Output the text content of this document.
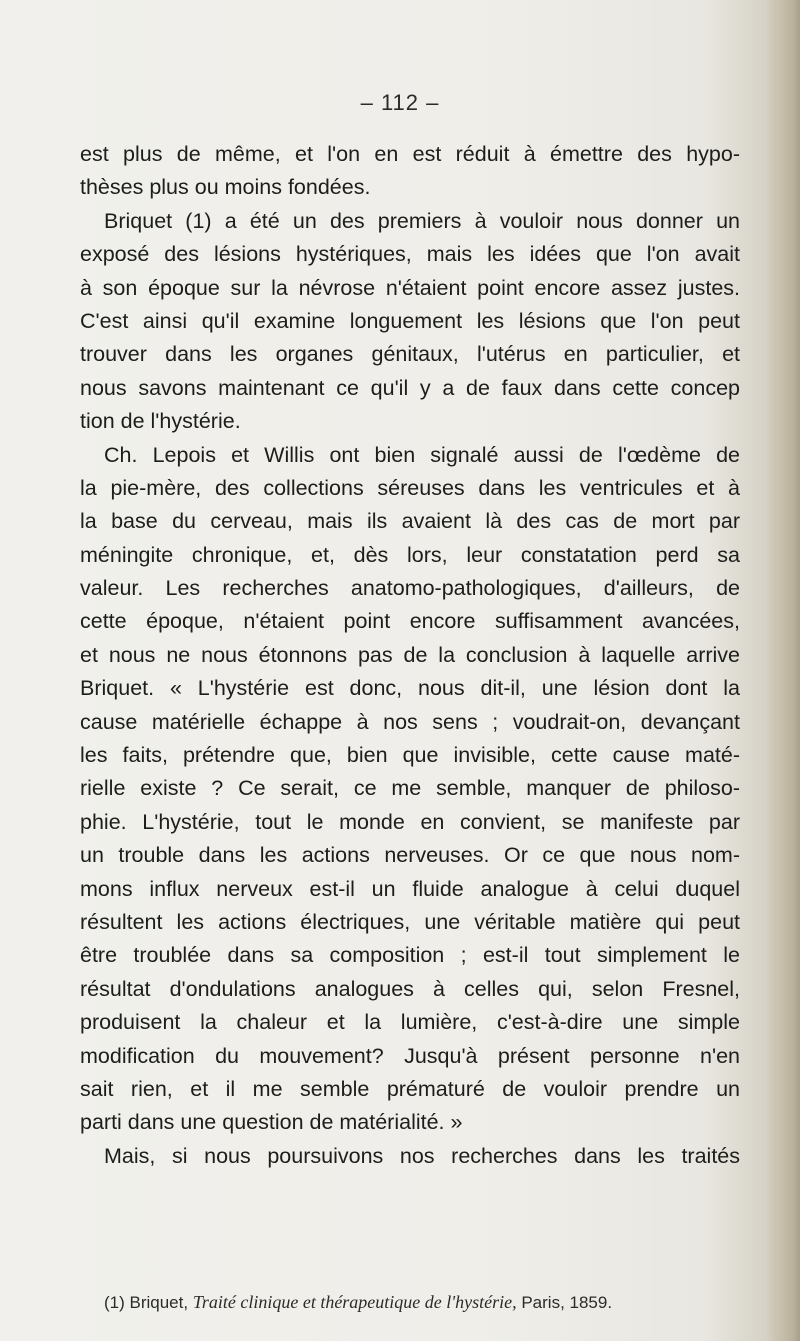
– 112 –
est plus de même, et l'on en est réduit à émettre des hypo-
thèses plus ou moins fondées.
Briquet (1) a été un des premiers à vouloir nous donner un
exposé des lésions hystériques, mais les idées que l'on avait
à son époque sur la névrose n'étaient point encore assez justes.
C'est ainsi qu'il examine longuement les lésions que l'on peut
trouver dans les organes génitaux, l'utérus en particulier, et
nous savons maintenant ce qu'il y a de faux dans cette concep
tion de l'hystérie.
Ch. Lepois et Willis ont bien signalé aussi de l'œdème de
la pie-mère, des collections séreuses dans les ventricules et à
la base du cerveau, mais ils avaient là des cas de mort par
méningite chronique, et, dès lors, leur constatation perd sa
valeur. Les recherches anatomo-pathologiques, d'ailleurs, de
cette époque, n'étaient point encore suffisamment avancées,
et nous ne nous étonnons pas de la conclusion à laquelle arrive
Briquet. « L'hystérie est donc, nous dit-il, une lésion dont la
cause matérielle échappe à nos sens ; voudrait-on, devançant
les faits, prétendre que, bien que invisible, cette cause maté-
rielle existe ? Ce serait, ce me semble, manquer de philoso-
phie. L'hystérie, tout le monde en convient, se manifeste par
un trouble dans les actions nerveuses. Or ce que nous nom-
mons influx nerveux est-il un fluide analogue à celui duquel
résultent les actions électriques, une véritable matière qui peut
être troublée dans sa composition ; est-il tout simplement le
résultat d'ondulations analogues à celles qui, selon Fresnel,
produisent la chaleur et la lumière, c'est-à-dire une simple
modification du mouvement? Jusqu'à présent personne n'en
sait rien, et il me semble prématuré de vouloir prendre un
parti dans une question de matérialité. »
Mais, si nous poursuivons nos recherches dans les traités
(1) Briquet, Traité clinique et thérapeutique de l'hystérie, Paris, 1859.
